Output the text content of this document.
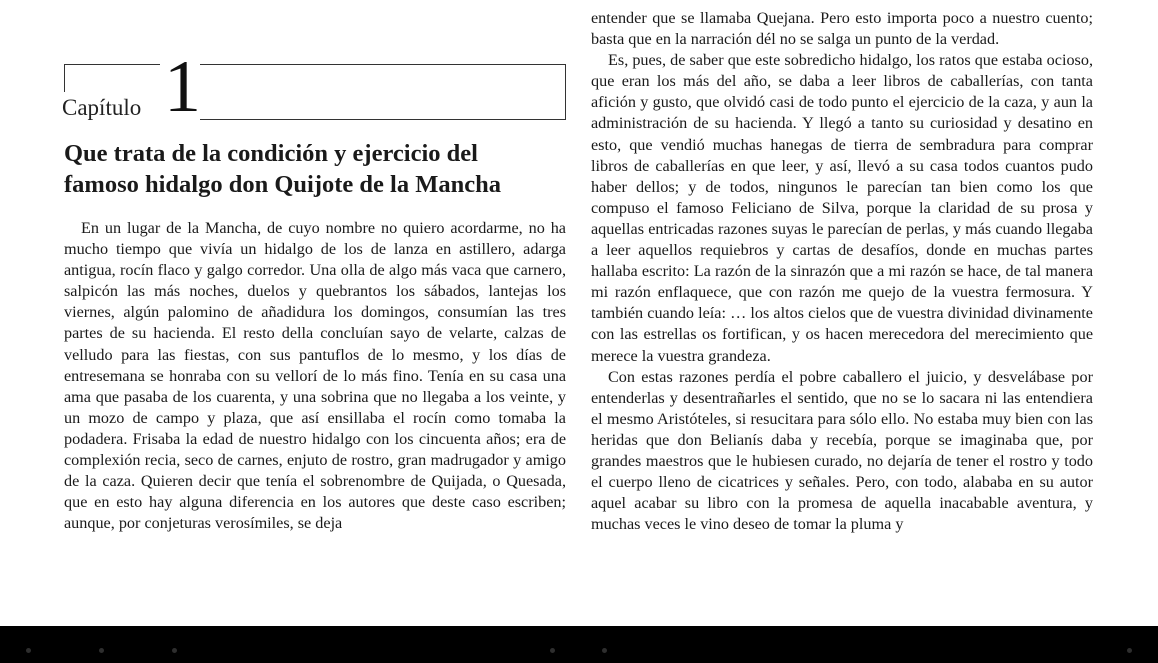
Capítulo 1
Que trata de la condición y ejercicio del
famoso hidalgo don Quijote de la Mancha

En un lugar de la Mancha, de cuyo nombre no quiero acordarme, no ha mucho tiempo que vivía un hidalgo de los de lanza en astillero, adarga antigua, rocín flaco y galgo corredor. Una olla de algo más vaca que carnero, salpicón las más noches, duelos y quebrantos los sábados, lantejas los viernes, algún palomino de añadidura los domingos, consumían las tres partes de su hacienda. El resto della concluían sayo de velarte, calzas de velludo para las fiestas, con sus pantuflos de lo mesmo, y los días de entresemana se honraba con su vellorí de lo más fino. Tenía en su casa una ama que pasaba de los cuarenta, y una sobrina que no llegaba a los veinte, y un mozo de campo y plaza, que así ensillaba el rocín como tomaba la podadera. Frisaba la edad de nuestro hidalgo con los cincuenta años; era de complexión recia, seco de carnes, enjuto de rostro, gran madrugador y amigo de la caza. Quieren decir que tenía el sobrenombre de Quijada, o Quesada, que en esto hay alguna diferencia en los autores que deste caso escriben; aunque, por conjeturas verosímiles, se deja

entender que se llamaba Quejana. Pero esto importa poco a nuestro cuento; basta que en la narración dél no se salga un punto de la verdad.

Es, pues, de saber que este sobredicho hidalgo, los ratos que estaba ocioso, que eran los más del año, se daba a leer libros de caballerías, con tanta afición y gusto, que olvidó casi de todo punto el ejercicio de la caza, y aun la administración de su hacienda. Y llegó a tanto su curiosidad y desatino en esto, que vendió muchas hanegas de tierra de sembradura para comprar libros de caballerías en que leer, y así, llevó a su casa todos cuantos pudo haber dellos; y de todos, ningunos le parecían tan bien como los que compuso el famoso Feliciano de Silva, porque la claridad de su prosa y aquellas entricadas razones suyas le parecían de perlas, y más cuando llegaba a leer aquellos requiebros y cartas de desafíos, donde en muchas partes hallaba escrito: La razón de la sinrazón que a mi razón se hace, de tal manera mi razón enflaquece, que con razón me quejo de la vuestra fermosura. Y también cuando leía: … los altos cielos que de vuestra divinidad divinamente con las estrellas os fortifican, y os hacen merecedora del merecimiento que merece la vuestra grandeza.

Con estas razones perdía el pobre caballero el juicio, y desvelábase por entenderlas y desentrañarles el sentido, que no se lo sacara ni las entendiera el mesmo Aristóteles, si resucitara para sólo ello. No estaba muy bien con las heridas que don Belianís daba y recebía, porque se imaginaba que, por grandes maestros que le hubiesen curado, no dejaría de tener el rostro y todo el cuerpo lleno de cicatrices y señales. Pero, con todo, alababa en su autor aquel acabar su libro con la promesa de aquella inacabable aventura, y muchas veces le vino deseo de tomar la pluma y
